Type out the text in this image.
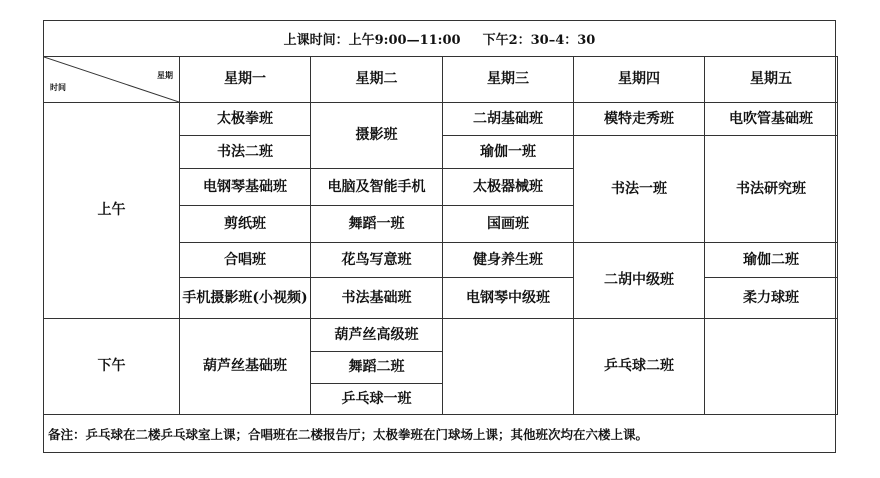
上课时间：上午9:00—11:00 下午2：30–4：30
时间
星期	星期一	星期二	星期三	星期四	星期五
上午	太极拳班	摄影班	二胡基础班	模特走秀班	电吹管基础班
	书法二班		瑜伽一班	书法一班	书法研究班
	电钢琴基础班	电脑及智能手机	太极器械班		
	剪纸班	舞蹈一班	国画班		
	合唱班	花鸟写意班	健身养生班	二胡中级班	瑜伽二班
	手机摄影班(小视频)	书法基础班	电钢琴中级班		柔力球班
下午	葫芦丝基础班	葫芦丝高级班		乒乓球二班	
		舞蹈二班			
		乒乓球一班			
备注：乒乓球在二楼乒乓球室上课；合唱班在二楼报告厅；太极拳班在门球场上课；其他班次均在六楼上课。
